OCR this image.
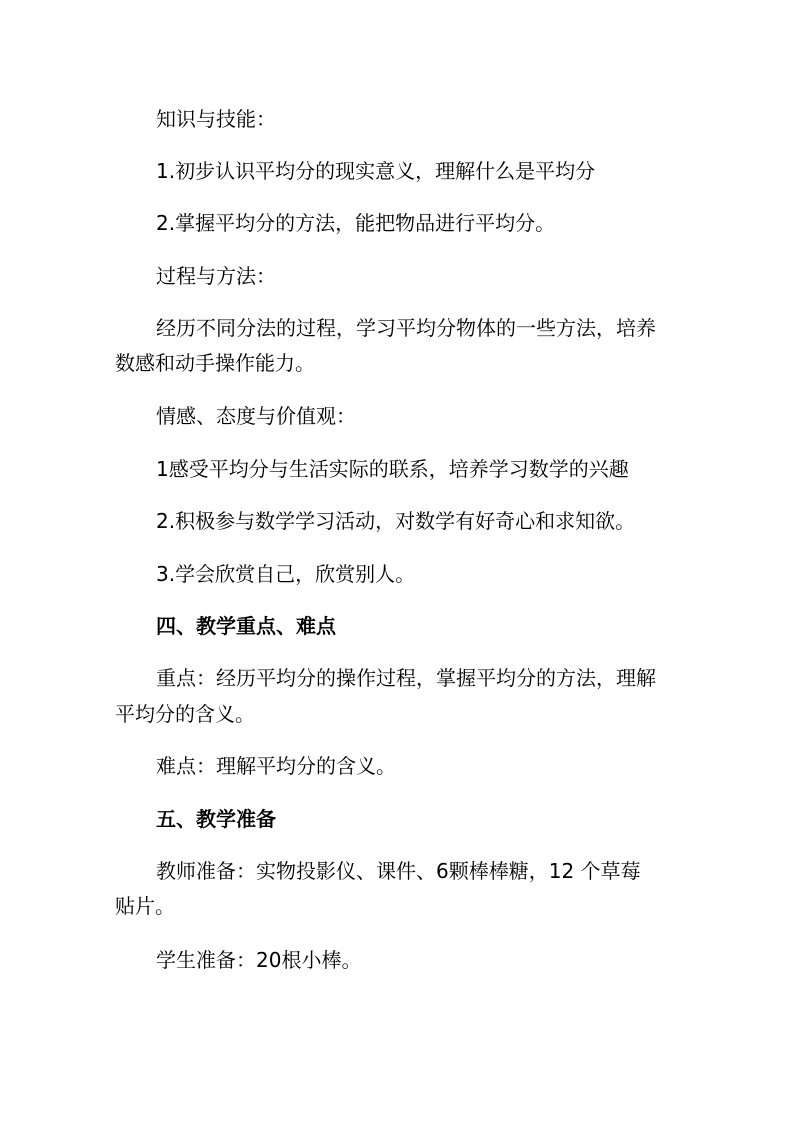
知识与技能：

1.初步认识平均分的现实意义，理解什么是平均分

2.掌握平均分的方法，能把物品进行平均分。

过程与方法：

经历不同分法的过程，学习平均分物体的一些方法，培养

数感和动手操作能力。

情感、态度与价值观：

1感受平均分与生活实际的联系，培养学习数学的兴趣

2.积极参与数学学习活动，对数学有好奇心和求知欲。

3.学会欣赏自己，欣赏别人。

四、教学重点、难点

重点：经历平均分的操作过程，掌握平均分的方法，理解

平均分的含义。

难点：理解平均分的含义。

五、教学准备

教师准备：实物投影仪、课件、6颗棒棒糖，12 个草莓

贴片。

学生准备：20根小棒。
